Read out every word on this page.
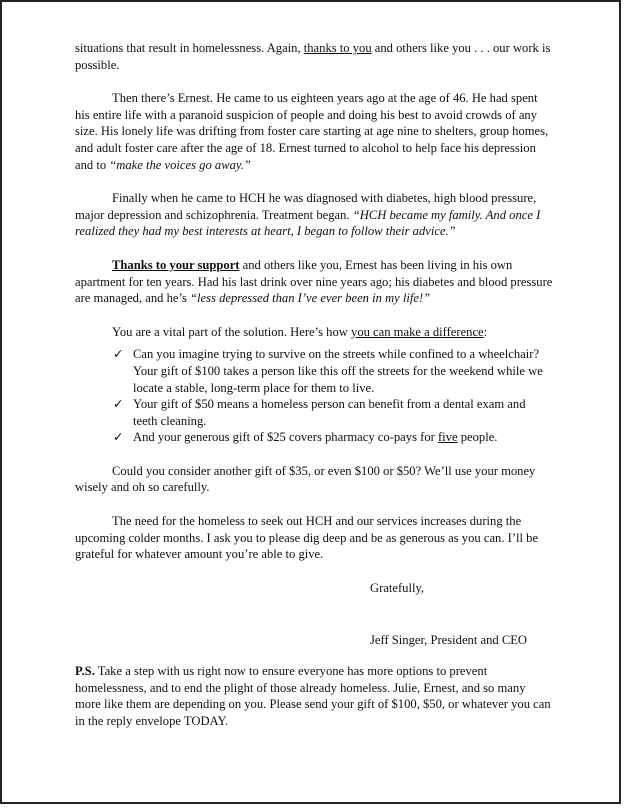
situations that result in homelessness. Again, thanks to you and others like you . . . our work is possible.

Then there’s Ernest. He came to us eighteen years ago at the age of 46. He had spent his entire life with a paranoid suspicion of people and doing his best to avoid crowds of any size. His lonely life was drifting from foster care starting at age nine to shelters, group homes, and adult foster care after the age of 18. Ernest turned to alcohol to help face his depression and to “make the voices go away.”

Finally when he came to HCH he was diagnosed with diabetes, high blood pressure, major depression and schizophrenia. Treatment began. “HCH became my family. And once I realized they had my best interests at heart, I began to follow their advice.”

Thanks to your support and others like you, Ernest has been living in his own apartment for ten years. Had his last drink over nine years ago; his diabetes and blood pressure are managed, and he’s “less depressed than I’ve ever been in my life!”

You are a vital part of the solution. Here’s how you can make a difference:

✓ Can you imagine trying to survive on the streets while confined to a wheelchair? Your gift of $100 takes a person like this off the streets for the weekend while we locate a stable, long-term place for them to live.
✓ Your gift of $50 means a homeless person can benefit from a dental exam and teeth cleaning.
✓ And your generous gift of $25 covers pharmacy co-pays for five people.

Could you consider another gift of $35, or even $100 or $50? We’ll use your money wisely and oh so carefully.

The need for the homeless to seek out HCH and our services increases during the upcoming colder months. I ask you to please dig deep and be as generous as you can. I’ll be grateful for whatever amount you’re able to give.

Gratefully,

Jeff Singer, President and CEO

P.S. Take a step with us right now to ensure everyone has more options to prevent homelessness, and to end the plight of those already homeless. Julie, Ernest, and so many more like them are depending on you. Please send your gift of $100, $50, or whatever you can in the reply envelope TODAY.
